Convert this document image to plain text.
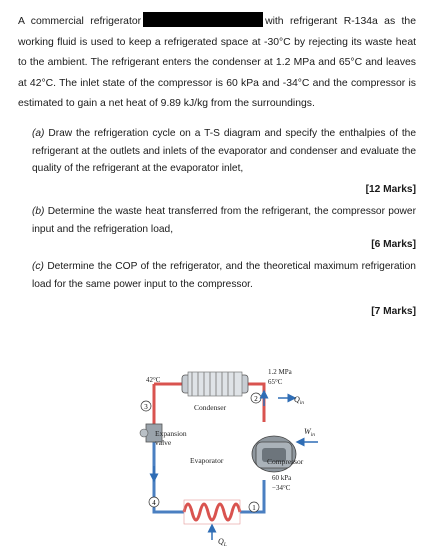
A commercial refrigerator	with refrigerant R-134a as the working fluid is used to keep a refrigerated space at -30°C by rejecting its waste heat to the ambient. The refrigerant enters the condenser at 1.2 MPa and 65°C and leaves at 42°C. The inlet state of the compressor is 60 kPa and -34°C and the compressor is estimated to gain a net heat of 9.89 kJ/kg from the surroundings.
(a) Draw the refrigeration cycle on a T-S diagram and specify the enthalpies of the refrigerant at the outlets and inlets of the evaporator and condenser and evaluate the quality of the refrigerant at the evaporator inlet,
[12 Marks]
(b) Determine the waste heat transferred from the refrigerant, the compressor power input and the refrigeration load,
[6 Marks]
(c) Determine the COP of the refrigerator, and the theoretical maximum refrigeration load for the same power input to the compressor.
[7 Marks]
Condenser
Expansion
valve
Evaporator	Compressor
42°C
1.2 MPa
65°C
60 kPa
−34°C
3
2
4
1
$Q_{in}$
$W_{in}$
$Q_L$
